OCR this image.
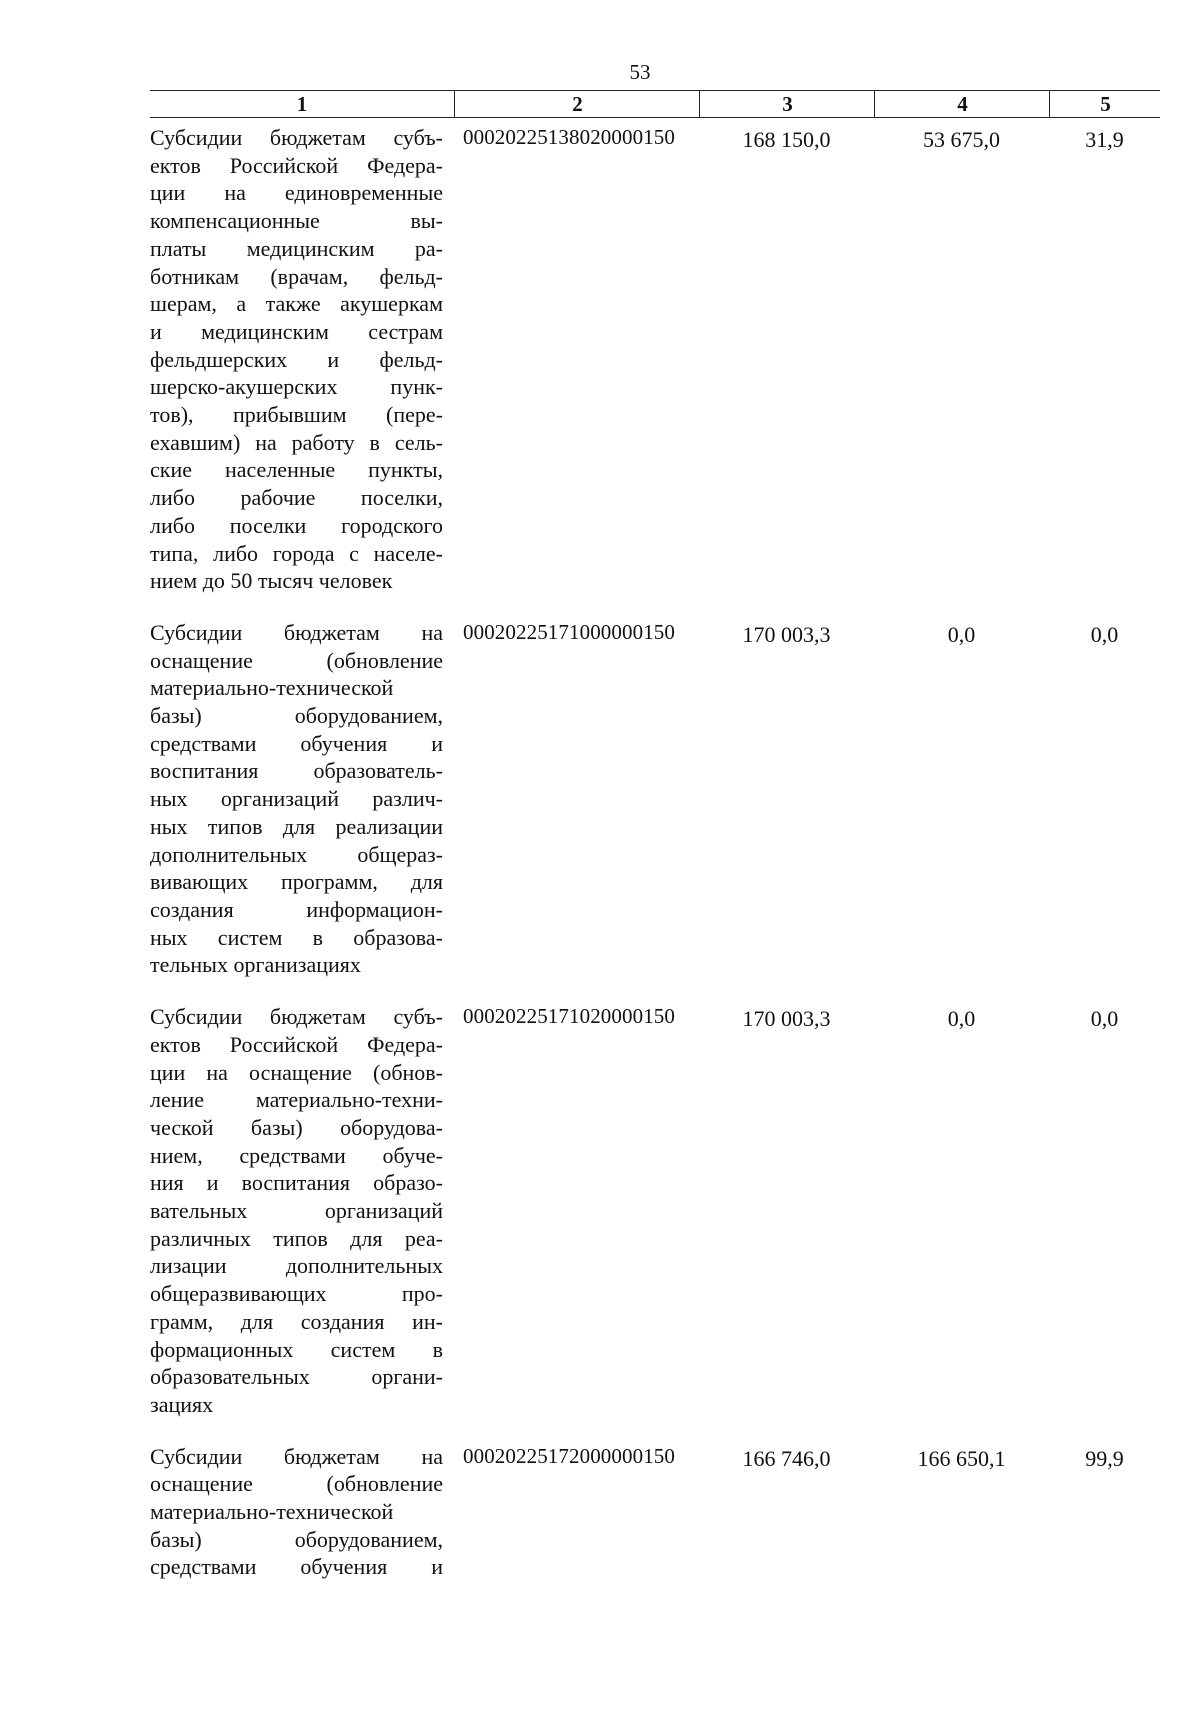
53
1	2	3	4	5
Субсидии бюджетам субъ-
ектов Российской Федера-
ции на единовременные
компенсационные вы-
платы медицинским ра-
ботникам (врачам, фельд-
шерам, а также акушеркам
и медицинским сестрам
фельдшерских и фельд-
шерско-акушерских пунк-
тов), прибывшим (пере-
ехавшим) на работу в сель-
ские населенные пункты,
либо рабочие поселки,
либо поселки городского
типа, либо города с населе-
нием до 50 тысяч человек
00020225138020000150	168 150,0	53 675,0	31,9
Субсидии бюджетам на
оснащение (обновление
материально-технической
базы) оборудованием,
средствами обучения и
воспитания образователь-
ных организаций различ-
ных типов для реализации
дополнительных общераз-
вивающих программ, для
создания информацион-
ных систем в образова-
тельных организациях
00020225171000000150	170 003,3	0,0	0,0
Субсидии бюджетам субъ-
ектов Российской Федера-
ции на оснащение (обнов-
ление материально-техни-
ческой базы) оборудова-
нием, средствами обуче-
ния и воспитания образо-
вательных организаций
различных типов для реа-
лизации дополнительных
общеразвивающих про-
грамм, для создания ин-
формационных систем в
образовательных органи-
зациях
00020225171020000150	170 003,3	0,0	0,0
Субсидии бюджетам на
оснащение (обновление
материально-технической
базы) оборудованием,
средствами обучения и
00020225172000000150	166 746,0	166 650,1	99,9
